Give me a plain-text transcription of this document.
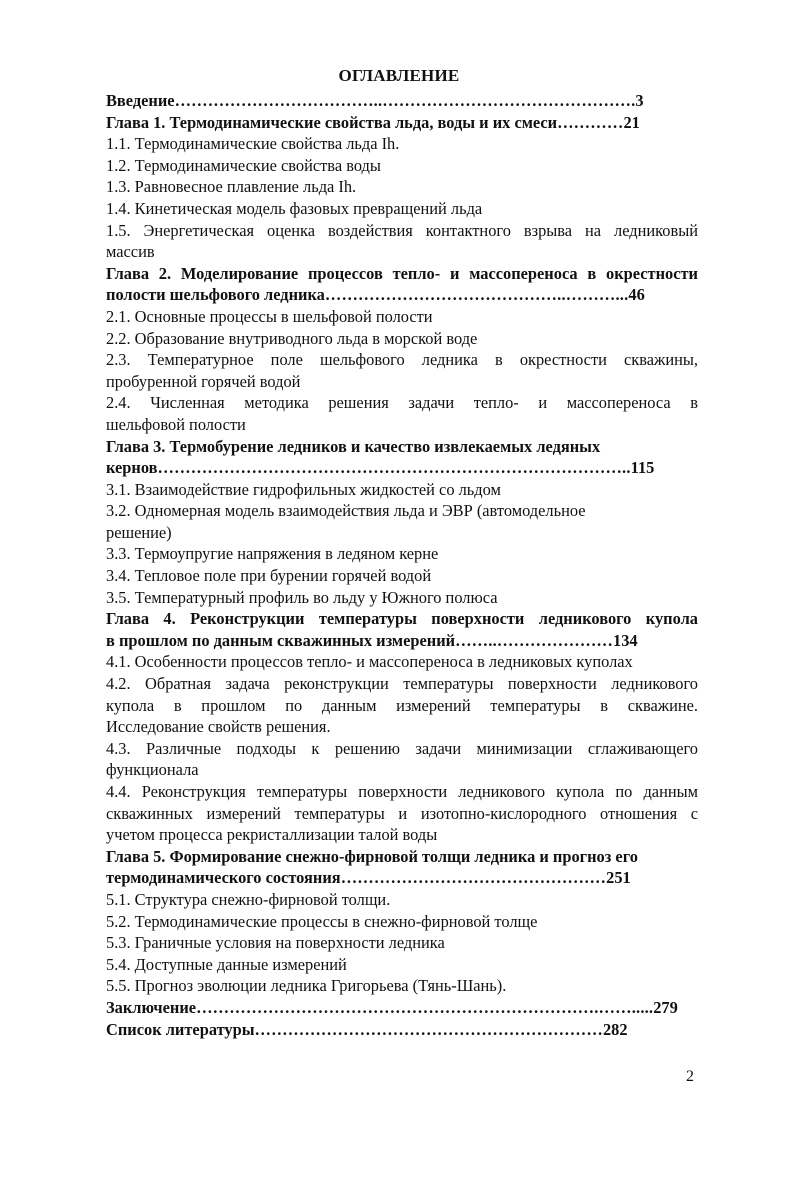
ОГЛАВЛЕНИЕ
Введение………………………………..……………………………………….3
Глава 1. Термодинамические свойства льда, воды и их смеси…………21
1.1. Термодинамические свойства льда Ih.
1.2. Термодинамические свойства воды
1.3. Равновесное плавление льда Ih.
1.4. Кинетическая модель фазовых превращений льда
1.5. Энергетическая оценка воздействия контактного взрыва на ледниковый
массив
Глава 2. Моделирование процессов тепло- и массопереноса в окрестности
полости шельфового ледника……………………………………..………...46
2.1. Основные процессы в шельфовой полости
2.2. Образование внутриводного льда в морской воде
2.3. Температурное поле шельфового ледника в окрестности скважины,
пробуренной горячей водой
2.4. Численная методика решения задачи тепло- и массопереноса в
шельфовой полости
Глава 3. Термобурение ледников и качество извлекаемых ледяных
кернов…………………………………………………………………………..115
3.1. Взаимодействие гидрофильных жидкостей со льдом
3.2. Одномерная модель взаимодействия льда и ЭВР (автомодельное
решение)
3.3. Термоупругие напряжения в ледяном керне
3.4. Тепловое поле при бурении горячей водой
3.5. Температурный профиль во льду у Южного полюса
Глава 4. Реконструкции температуры поверхности ледникового купола
в прошлом по данным скважинных измерений……..…………………134
4.1. Особенности процессов тепло- и массопереноса в ледниковых куполах
4.2. Обратная задача реконструкции температуры поверхности ледникового
купола в прошлом по данным измерений температуры в скважине.
Исследование свойств решения.
4.3. Различные подходы к решению задачи минимизации сглаживающего
функционала
4.4. Реконструкция температуры поверхности ледникового купола по данным
скважинных измерений температуры и изотопно-кислородного отношения с
учетом процесса рекристаллизации талой воды
Глава 5. Формирование снежно-фирновой толщи ледника и прогноз его
термодинамического состояния…………………………………………251
5.1. Структура снежно-фирновой толщи.
5.2. Термодинамические процессы в снежно-фирновой толще
5.3. Граничные условия на поверхности ледника
5.4. Доступные данные измерений
5.5. Прогноз эволюции ледника Григорьева (Тянь-Шань).
Заключение……………………………………………………………….…….....279
Список литературы………………………………………………………282
2
